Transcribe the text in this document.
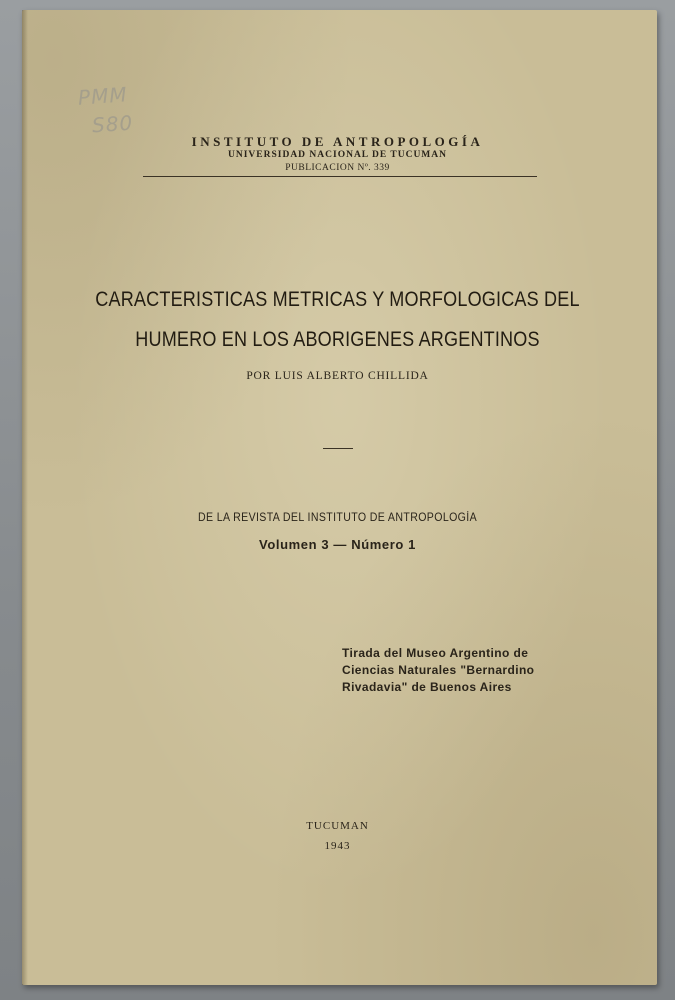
PMM
S80
INSTITUTO DE ANTROPOLOGÍA
UNIVERSIDAD NACIONAL DE TUCUMAN
PUBLICACION Nº. 339
CARACTERISTICAS METRICAS Y MORFOLOGICAS DEL
HUMERO EN LOS ABORIGENES ARGENTINOS
POR LUIS ALBERTO CHILLIDA
DE LA REVISTA DEL INSTITUTO DE ANTROPOLOGÍA
Volumen 3 — Número 1
Tirada del Museo Argentino de
Ciencias Naturales "Bernardino
Rivadavia" de Buenos Aires
TUCUMAN
1943
